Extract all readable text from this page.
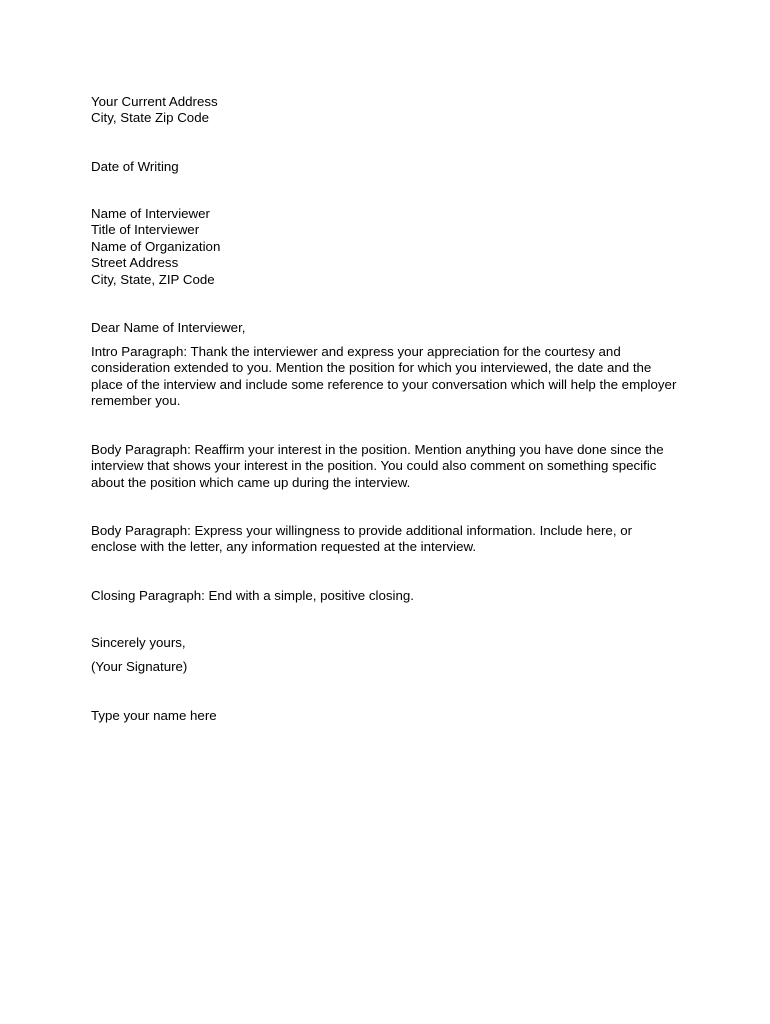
Your Current Address
City, State Zip Code
Date of Writing
Name of Interviewer
Title of Interviewer
Name of Organization
Street Address
City, State, ZIP Code
Dear Name of Interviewer,
Intro Paragraph: Thank the interviewer and express your appreciation for the courtesy and consideration extended to you. Mention the position for which you interviewed, the date and the place of the interview and include some reference to your conversation which will help the employer remember you.
Body Paragraph: Reaffirm your interest in the position. Mention anything you have done since the interview that shows your interest in the position. You could also comment on something specific about the position which came up during the interview.
Body Paragraph: Express your willingness to provide additional information. Include here, or enclose with the letter, any information requested at the interview.
Closing Paragraph: End with a simple, positive closing.
Sincerely yours,
(Your Signature)
Type your name here
